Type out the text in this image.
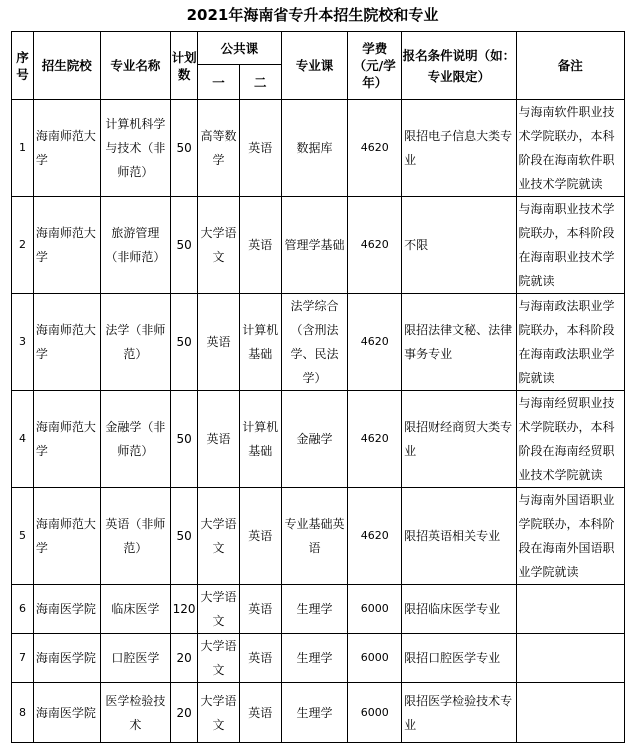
2021年海南省专升本招生院校和专业
序号	招生院校	专业名称	计划数	公共课		专业课	学费（元/学年）	报名条件说明（如：专业限定）	备注
				一	二				
1	海南师范大学	计算机科学与技术（非师范）	50	高等数学	英语	数据库	4620	限招电子信息大类专业	与海南软件职业技术学院联办，本科阶段在海南软件职业技术学院就读
2	海南师范大学	旅游管理（非师范）	50	大学语文	英语	管理学基础	4620	不限	与海南职业技术学院联办，本科阶段在海南职业技术学院就读
3	海南师范大学	法学（非师范）	50	英语	计算机基础	法学综合（含刑法学、民法学）	4620	限招法律文秘、法律事务专业	与海南政法职业学院联办，本科阶段在海南政法职业学院就读
4	海南师范大学	金融学（非师范）	50	英语	计算机基础	金融学	4620	限招财经商贸大类专业	与海南经贸职业技术学院联办，本科阶段在海南经贸职业技术学院就读
5	海南师范大学	英语（非师范）	50	大学语文	英语	专业基础英语	4620	限招英语相关专业	与海南外国语职业学院联办，本科阶段在海南外国语职业学院就读
6	海南医学院	临床医学	120	大学语文	英语	生理学	6000	限招临床医学专业	
7	海南医学院	口腔医学	20	大学语文	英语	生理学	6000	限招口腔医学专业	
8	海南医学院	医学检验技术	20	大学语文	英语	生理学	6000	限招医学检验技术专业	
